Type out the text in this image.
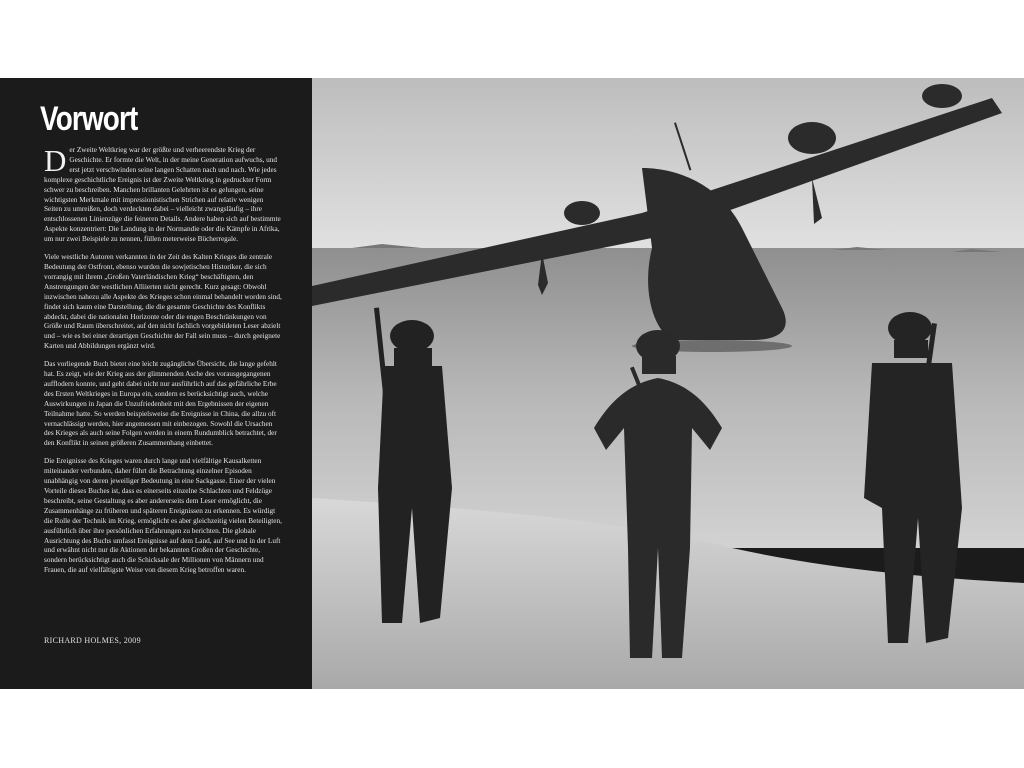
Vorwort

Der Zweite Weltkrieg war der größte und verheerendste Krieg der Geschichte. Er formte die Welt, in der meine Generation aufwuchs, und erst jetzt verschwinden seine langen Schatten nach und nach. Wie jedes komplexe geschichtliche Ereignis ist der Zweite Weltkrieg in gedruckter Form schwer zu beschreiben. Manchen brillanten Gelehrten ist es gelungen, seine wichtigsten Merkmale mit impressionistischen Strichen auf relativ wenigen Seiten zu umreißen, doch verdeckten dabei – vielleicht zwangsläufig – ihre entschlossenen Linienzüge die feineren Details. Andere haben sich auf bestimmte Aspekte konzentriert: Die Landung in der Normandie oder die Kämpfe in Afrika, um nur zwei Beispiele zu nennen, füllen meterweise Bücherregale.

Viele westliche Autoren verkannten in der Zeit des Kalten Krieges die zentrale Bedeutung der Ostfront, ebenso wurden die sowjetischen Historiker, die sich vorrangig mit ihrem „Großen Vaterländischen Krieg“ beschäftigten, den Anstrengungen der westlichen Alliierten nicht gerecht. Kurz gesagt: Obwohl inzwischen nahezu alle Aspekte des Krieges schon einmal behandelt worden sind, findet sich kaum eine Darstellung, die die gesamte Geschichte des Konflikts abdeckt, dabei die nationalen Horizonte oder die engen Beschränkungen von Größe und Raum überschreitet, auf den nicht fachlich vorgebildeten Leser abzielt und – wie es bei einer derartigen Geschichte der Fall sein muss – durch geeignete Karten und Abbildungen ergänzt wird.

Das vorliegende Buch bietet eine leicht zugängliche Übersicht, die lange gefehlt hat. Es zeigt, wie der Krieg aus der glimmenden Asche des vorausgegangenen aufflodern konnte, und geht dabei nicht nur ausführlich auf das gefährliche Erbe des Ersten Weltkrieges in Europa ein, sondern es berücksichtigt auch, welche Auswirkungen in Japan die Unzufriedenheit mit den Ergebnissen der eigenen Teilnahme hatte. So werden beispielsweise die Ereignisse in China, die allzu oft vernachlässigt werden, hier angemessen mit einbezogen. Sowohl die Ursachen des Krieges als auch seine Folgen werden in einem Rundumblick betrachtet, der den Konflikt in seinen größeren Zusammenhang einbettet.

Die Ereignisse des Krieges waren durch lange und vielfältige Kausalketten miteinander verbunden, daher führt die Betrachtung einzelner Episoden unabhängig von deren jeweiliger Bedeutung in eine Sackgasse. Einer der vielen Vorteile dieses Buches ist, dass es einerseits einzelne Schlachten und Feldzüge beschreibt, seine Gestaltung es aber andererseits dem Leser ermöglicht, die Zusammenhänge zu früheren und späteren Ereignissen zu erkennen. Es würdigt die Rolle der Technik im Krieg, ermöglicht es aber gleichzeitig vielen Beteiligten, ausführlich über ihre persönlichen Erfahrungen zu berichten. Die globale Ausrichtung des Buchs umfasst Ereignisse auf dem Land, auf See und in der Luft und erwähnt nicht nur die Aktionen der bekannten Großen der Geschichte, sondern berücksichtigt auch die Schicksale der Millionen von Männern und Frauen, die auf vielfältigste Weise von diesem Krieg betroffen waren.

RICHARD HOLMES, 2009
